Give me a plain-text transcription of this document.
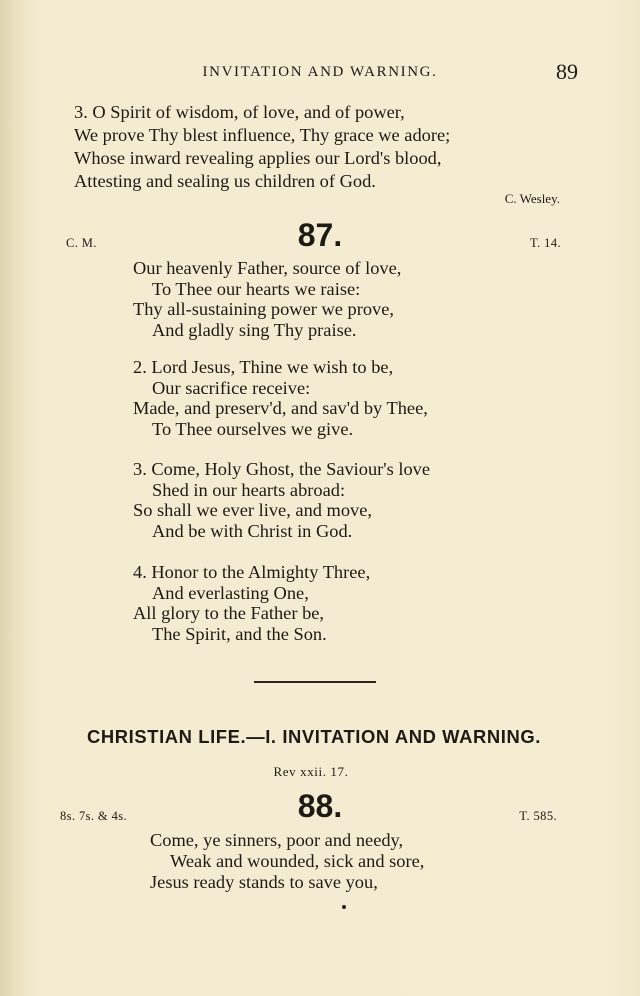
INVITATION AND WARNING.	89
3. O Spirit of wisdom, of love, and of power,
We prove Thy blest influence, Thy grace we adore;
Whose inward revealing applies our Lord's blood,
Attesting and sealing us children of God.
C. Wesley.
C. M.	87.	T. 14.
Our heavenly Father, source of love,
To Thee our hearts we raise:
Thy all-sustaining power we prove,
And gladly sing Thy praise.
2. Lord Jesus, Thine we wish to be,
Our sacrifice receive:
Made, and preserv'd, and sav'd by Thee,
To Thee ourselves we give.
3. Come, Holy Ghost, the Saviour's love
Shed in our hearts abroad:
So shall we ever live, and move,
And be with Christ in God.
4. Honor to the Almighty Three,
And everlasting One,
All glory to the Father be,
The Spirit, and the Son.
CHRISTIAN LIFE.—I. INVITATION AND WARNING.
Rev xxii. 17.
8s. 7s. & 4s.	88.	T. 585.
Come, ye sinners, poor and needy,
Weak and wounded, sick and sore,
Jesus ready stands to save you,
